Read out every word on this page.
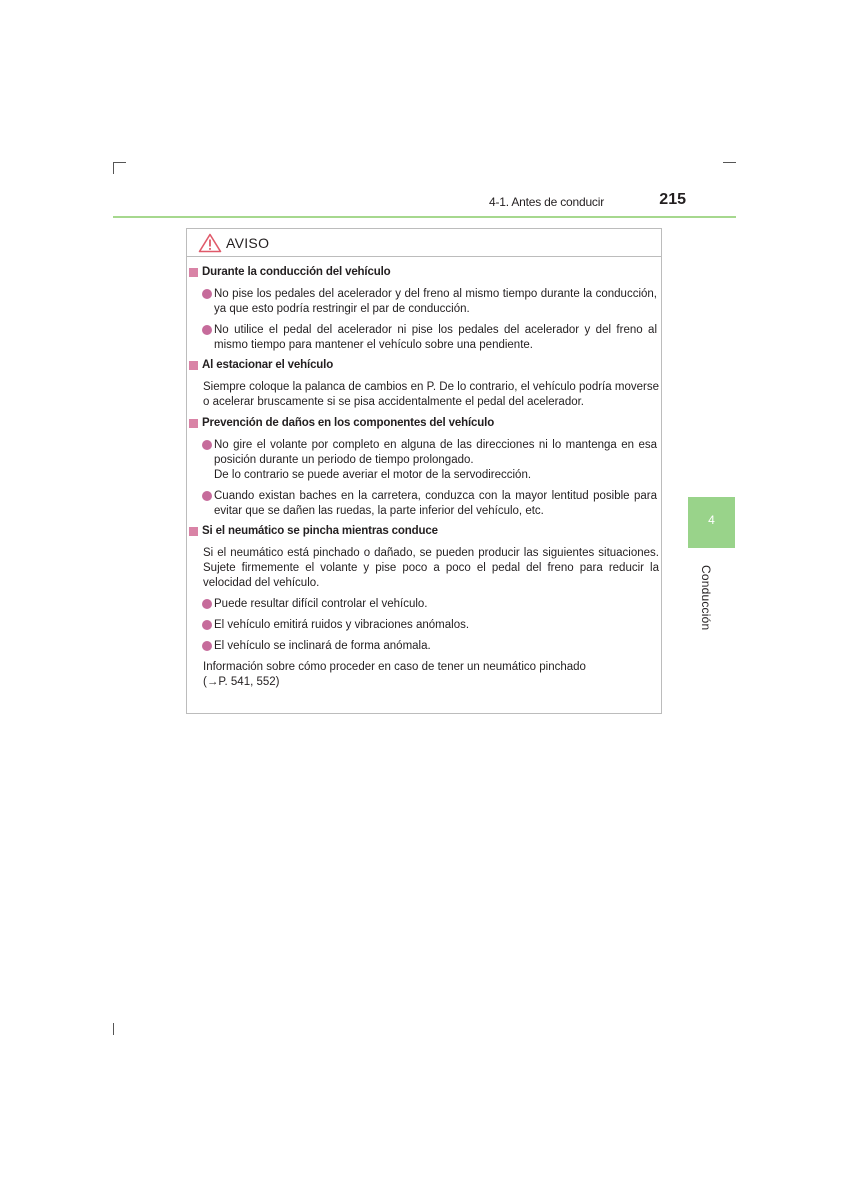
4-1. Antes de conducir	215
4
Conducción
AVISO
Durante la conducción del vehículo
No pise los pedales del acelerador y del freno al mismo tiempo durante la conducción, ya que esto podría restringir el par de conducción.
No utilice el pedal del acelerador ni pise los pedales del acelerador y del freno al mismo tiempo para mantener el vehículo sobre una pendiente.
Al estacionar el vehículo
Siempre coloque la palanca de cambios en P. De lo contrario, el vehículo podría moverse o acelerar bruscamente si se pisa accidentalmente el pedal del acelerador.
Prevención de daños en los componentes del vehículo
No gire el volante por completo en alguna de las direcciones ni lo mantenga en esa posición durante un periodo de tiempo prolongado.
De lo contrario se puede averiar el motor de la servodirección.
Cuando existan baches en la carretera, conduzca con la mayor lentitud posible para evitar que se dañen las ruedas, la parte inferior del vehículo, etc.
Si el neumático se pincha mientras conduce
Si el neumático está pinchado o dañado, se pueden producir las siguientes situaciones. Sujete firmemente el volante y pise poco a poco el pedal del freno para reducir la velocidad del vehículo.
Puede resultar difícil controlar el vehículo.
El vehículo emitirá ruidos y vibraciones anómalos.
El vehículo se inclinará de forma anómala.
Información sobre cómo proceder en caso de tener un neumático pinchado
(→P. 541, 552)
